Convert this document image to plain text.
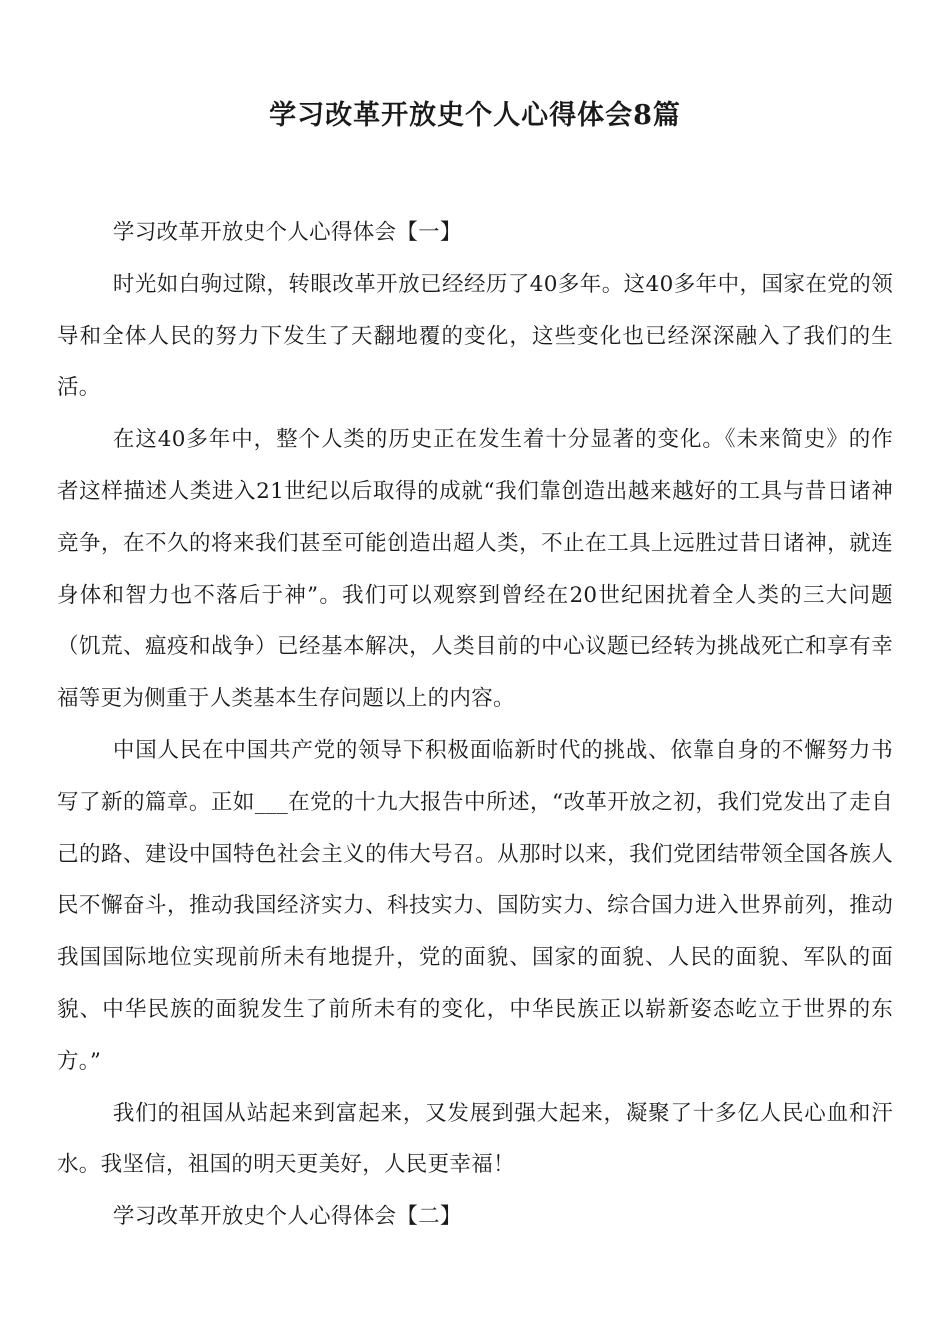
学习改革开放史个人心得体会8篇

学习改革开放史个人心得体会【一】

时光如白驹过隙，转眼改革开放已经经历了40多年。这40多年中，国家在党的领导和全体人民的努力下发生了天翻地覆的变化，这些变化也已经深深融入了我们的生活。

在这40多年中，整个人类的历史正在发生着十分显著的变化。《未来简史》的作者这样描述人类进入21世纪以后取得的成就“我们靠创造出越来越好的工具与昔日诸神竞争，在不久的将来我们甚至可能创造出超人类，不止在工具上远胜过昔日诸神，就连身体和智力也不落后于神”。我们可以观察到曾经在20世纪困扰着全人类的三大问题（饥荒、瘟疫和战争）已经基本解决，人类目前的中心议题已经转为挑战死亡和享有幸福等更为侧重于人类基本生存问题以上的内容。

中国人民在中国共产党的领导下积极面临新时代的挑战、依靠自身的不懈努力书写了新的篇章。正如___在党的十九大报告中所述，“改革开放之初，我们党发出了走自己的路、建设中国特色社会主义的伟大号召。从那时以来，我们党团结带领全国各族人民不懈奋斗，推动我国经济实力、科技实力、国防实力、综合国力进入世界前列，推动我国国际地位实现前所未有地提升，党的面貌、国家的面貌、人民的面貌、军队的面貌、中华民族的面貌发生了前所未有的变化，中华民族正以崭新姿态屹立于世界的东方。”

我们的祖国从站起来到富起来，又发展到强大起来，凝聚了十多亿人民心血和汗水。我坚信，祖国的明天更美好，人民更幸福！

学习改革开放史个人心得体会【二】
